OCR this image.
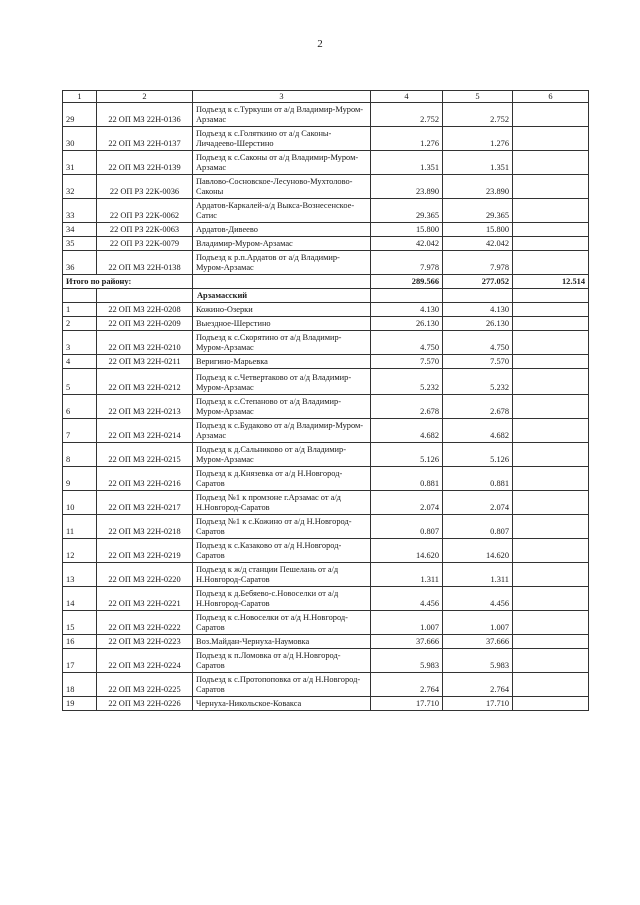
2
1	2	3	4	5	6
29	22 ОП МЗ 22Н-0136	Подъезд к с.Туркуши от а/д Владимир-Муром-Арзамас	2.752	2.752	
30	22 ОП МЗ 22Н-0137	Подъезд к с.Голяткино от а/д Саконы-Личадеево-Шерстино	1.276	1.276	
31	22 ОП МЗ 22Н-0139	Подъезд к с.Саконы от а/д Владимир-Муром-Арзамас	1.351	1.351	
32	22 ОП РЗ 22К-0036	Павлово-Сосновское-Лесуново-Мухтолово-Саконы	23.890	23.890	
33	22 ОП РЗ 22К-0062	Ардатов-Каркалей-а/д Выкса-Вознесенское-Сатис	29.365	29.365	
34	22 ОП РЗ 22К-0063	Ардатов-Дивеево	15.800	15.800	
35	22 ОП РЗ 22К-0079	Владимир-Муром-Арзамас	42.042	42.042	
36	22 ОП МЗ 22Н-0138	Подъезд к р.п.Ардатов от а/д Владимир-Муром-Арзамас	7.978	7.978	
Итого по району:			289.566	277.052	12.514
		Арзамасский			
1	22 ОП МЗ 22Н-0208	Кожино-Озерки	4.130	4.130	
2	22 ОП МЗ 22Н-0209	Выездное-Шерстино	26.130	26.130	
3	22 ОП МЗ 22Н-0210	Подъезд к с.Скорятино от а/д Владимир-Муром-Арзамас	4.750	4.750	
4	22 ОП МЗ 22Н-0211	Веригино-Марьевка	7.570	7.570	
5	22 ОП МЗ 22Н-0212	Подъезд к с.Четвертаково от а/д Владимир-Муром-Арзамас	5.232	5.232	
6	22 ОП МЗ 22Н-0213	Подъезд к с.Степаново от а/д Владимир-Муром-Арзамас	2.678	2.678	
7	22 ОП МЗ 22Н-0214	Подъезд к с.Будаково от а/д Владимир-Муром-Арзамас	4.682	4.682	
8	22 ОП МЗ 22Н-0215	Подъезд к д.Сальниково от а/д Владимир-Муром-Арзамас	5.126	5.126	
9	22 ОП МЗ 22Н-0216	Подъезд к д.Князевка от а/д Н.Новгород-Саратов	0.881	0.881	
10	22 ОП МЗ 22Н-0217	Подъезд №1 к промзоне г.Арзамас от а/д Н.Новгород-Саратов	2.074	2.074	
11	22 ОП МЗ 22Н-0218	Подъезд №1 к с.Кожино от а/д Н.Новгород-Саратов	0.807	0.807	
12	22 ОП МЗ 22Н-0219	Подъезд к с.Казаково от а/д Н.Новгород-Саратов	14.620	14.620	
13	22 ОП МЗ 22Н-0220	Подъезд к ж/д станции Пешелань от а/д Н.Новгород-Саратов	1.311	1.311	
14	22 ОП МЗ 22Н-0221	Подъезд к д.Бебяево-с.Новоселки от а/д Н.Новгород-Саратов	4.456	4.456	
15	22 ОП МЗ 22Н-0222	Подъезд к с.Новоселки от а/д Н.Новгород-Саратов	1.007	1.007	
16	22 ОП МЗ 22Н-0223	Воз.Майдан-Чернуха-Наумовка	37.666	37.666	
17	22 ОП МЗ 22Н-0224	Подъезд к п.Ломовка от а/д Н.Новгород-Саратов	5.983	5.983	
18	22 ОП МЗ 22Н-0225	Подъезд к с.Протопоповка от а/д Н.Новгород-Саратов	2.764	2.764	
19	22 ОП МЗ 22Н-0226	Чернуха-Никольское-Коваксa	17.710	17.710	
